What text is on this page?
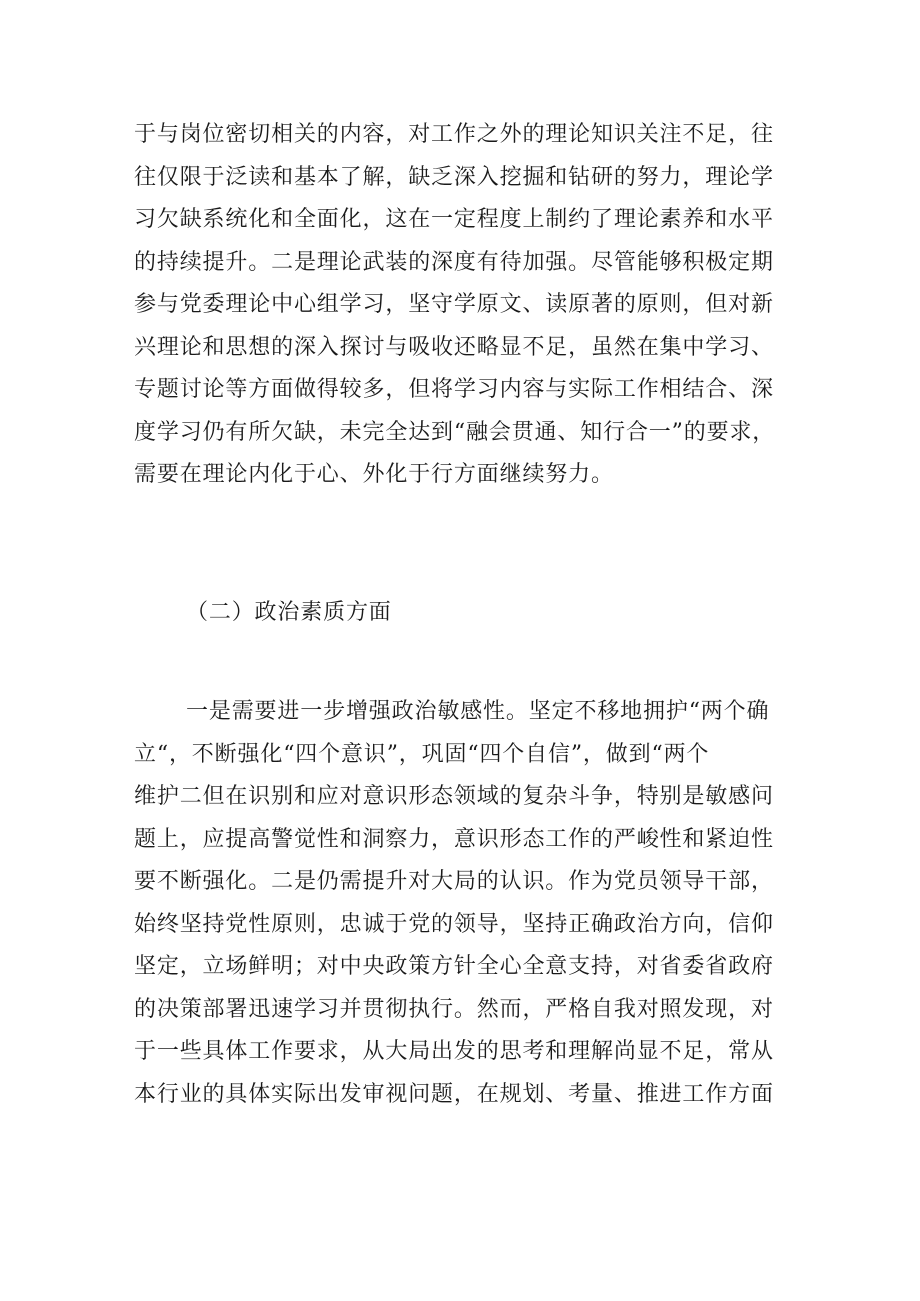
于与岗位密切相关的内容，对工作之外的理论知识关注不足，往
往仅限于泛读和基本了解，缺乏深入挖掘和钻研的努力，理论学
习欠缺系统化和全面化，这在一定程度上制约了理论素养和水平
的持续提升。二是理论武装的深度有待加强。尽管能够积极定期
参与党委理论中心组学习，坚守学原文、读原著的原则，但对新
兴理论和思想的深入探讨与吸收还略显不足，虽然在集中学习、
专题讨论等方面做得较多，但将学习内容与实际工作相结合、深
度学习仍有所欠缺，未完全达到“融会贯通、知行合一”的要求，
需要在理论内化于心、外化于行方面继续努力。
（二）政治素质方面
一是需要进一步增强政治敏感性。坚定不移地拥护“两个确
立“，不断强化“四个意识”，巩固“四个自信”，做到“两个
维护二但在识别和应对意识形态领域的复杂斗争，特别是敏感问
题上，应提高警觉性和洞察力，意识形态工作的严峻性和紧迫性
要不断强化。二是仍需提升对大局的认识。作为党员领导干部，
始终坚持党性原则，忠诚于党的领导，坚持正确政治方向，信仰
坚定，立场鲜明；对中央政策方针全心全意支持，对省委省政府
的决策部署迅速学习并贯彻执行。然而，严格自我对照发现，对
于一些具体工作要求，从大局出发的思考和理解尚显不足，常从
本行业的具体实际出发审视问题，在规划、考量、推进工作方面
